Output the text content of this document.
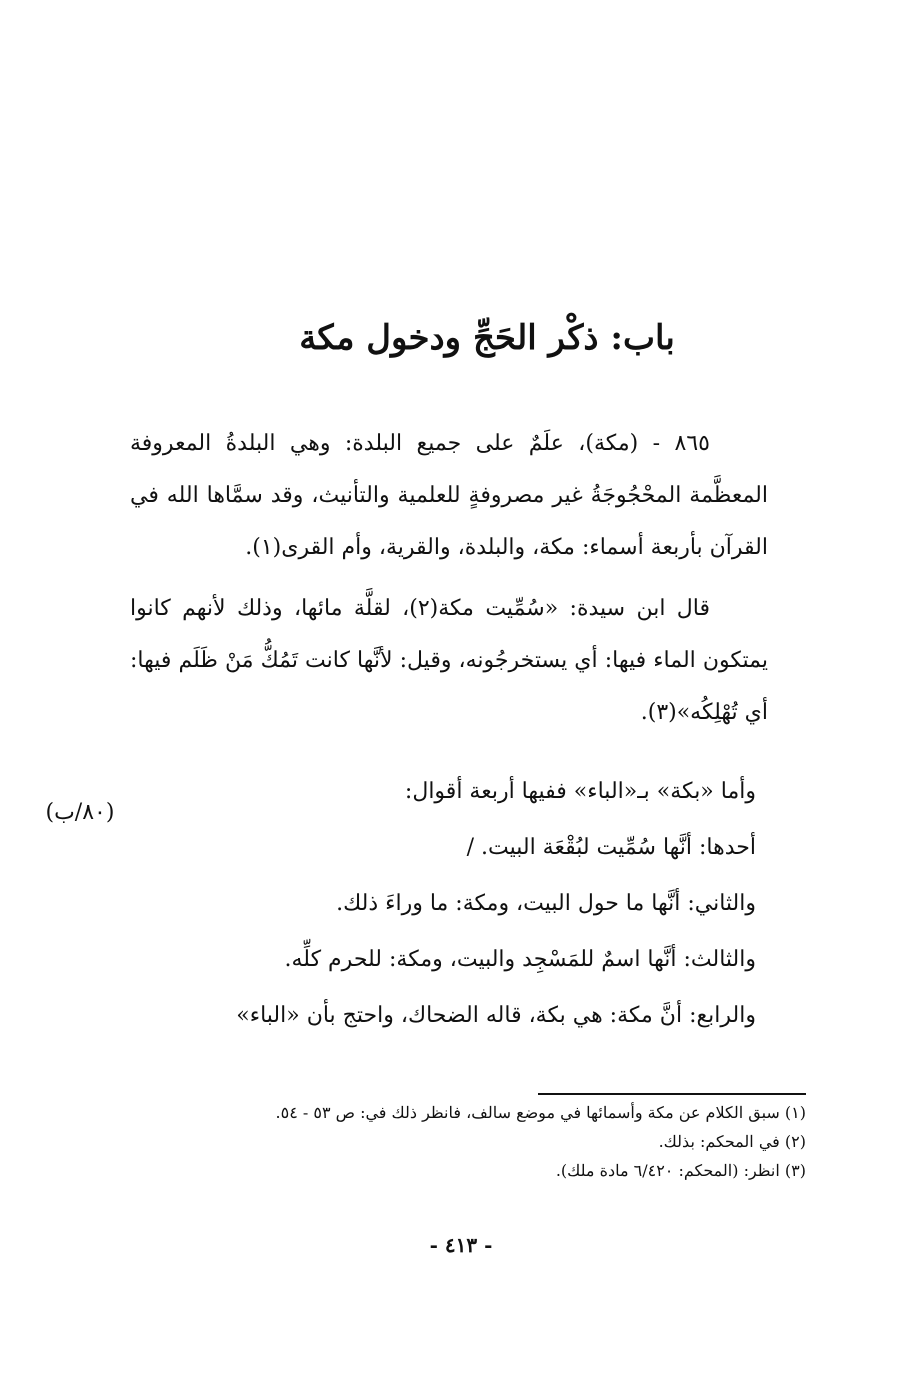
باب: ذكْر الحَجِّ ودخول مكة

٨٦٥ - (مكة)، علَمٌ على جميع البلدة: وهي البلدةُ المعروفة المعظَّمة المحْجُوجَةُ غير مصروفةٍ للعلمية والتأنيث، وقد سمَّاها الله في القرآن بأربعة أسماء: مكة، والبلدة، والقرية، وأم القرى(١).

قال ابن سيدة: «سُمِّيت مكة(٢)، لقلَّة مائها، وذلك لأنهم كانوا يمتكون الماء فيها: أي يستخرجُونه، وقيل: لأنَّها كانت تَمُكُّ مَنْ ظَلَم فيها: أي تُهْلِكُه»(٣).

وأما «بكة» بـ«الباء» ففيها أربعة أقوال:
أحدها: أنَّها سُمِّيت لبُقْعَة البيت. /
والثاني: أنَّها ما حول البيت، ومكة: ما وراءَ ذلك.
والثالث: أنَّها اسمٌ للمَسْجِد والبيت، ومكة: للحرم كلِّه.
والرابع: أنَّ مكة: هي بكة، قاله الضحاك، واحتج بأن «الباء»
(٨٠/ب)
(١) سبق الكلام عن مكة وأسمائها في موضع سالف، فانظر ذلك في: ص ٥٣ - ٥٤.
(٢) في المحكم: بذلك.
(٣) انظر: (المحكم: ٦/٤٢٠ مادة ملك).
- ٤١٣ -
